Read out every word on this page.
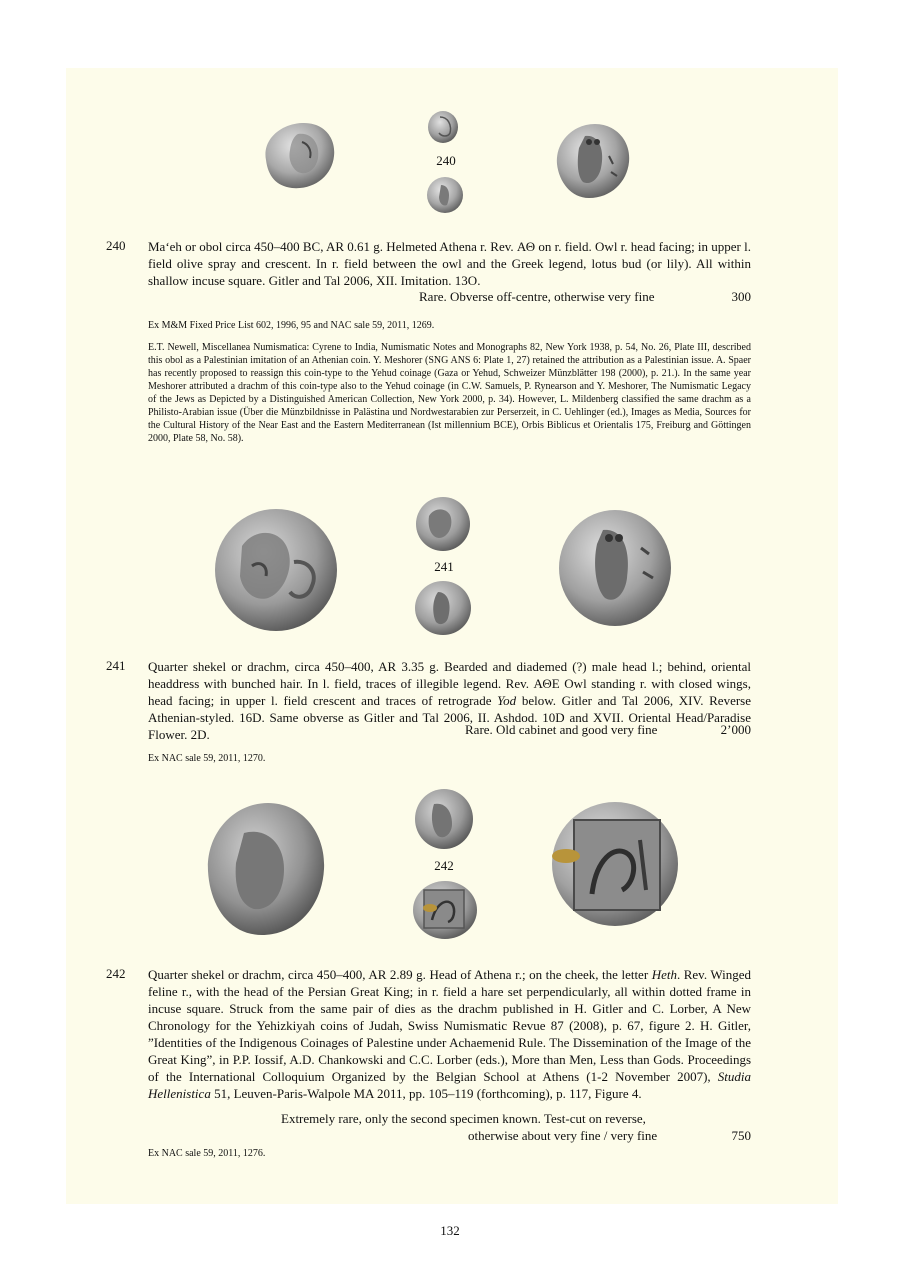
240
240 Ma‘eh or obol circa 450–400 BC, AR 0.61 g. Helmeted Athena r. Rev. ΑΘ on r. field. Owl r. head facing; in upper l. field olive spray and crescent. In r. field between the owl and the Greek legend, lotus bud (or lily). All within shallow incuse square. Gitler and Tal 2006, XII. Imitation. 13O.
Rare. Obverse off-centre, otherwise very fine	300
Ex M&M Fixed Price List 602, 1996, 95 and NAC sale 59, 2011, 1269.
E.T. Newell, Miscellanea Numismatica: Cyrene to India, Numismatic Notes and Monographs 82, New York 1938, p. 54, No. 26, Plate III, described this obol as a Palestinian imitation of an Athenian coin. Y. Meshorer (SNG ANS 6: Plate 1, 27) retained the attribution as a Palestinian issue. A. Spaer has recently proposed to reassign this coin-type to the Yehud coinage (Gaza or Yehud, Schweizer Münzblätter 198 (2000), p. 21.). In the same year Meshorer attributed a drachm of this coin-type also to the Yehud coinage (in C.W. Samuels, P. Rynearson and Y. Meshorer, The Numismatic Legacy of the Jews as Depicted by a Distinguished American Collection, New York 2000, p. 34). However, L. Mildenberg classified the same drachm as a Philisto-Arabian issue (Über die Münzbildnisse in Palästina und Nordwestarabien zur Perserzeit, in C. Uehlinger (ed.), Images as Media, Sources for the Cultural History of the Near East and the Eastern Mediterranean (Ist millennium BCE), Orbis Biblicus et Orientalis 175, Freiburg and Göttingen 2000, Plate 58, No. 58).
241
241 Quarter shekel or drachm, circa 450–400, AR 3.35 g. Bearded and diademed (?) male head l.; behind, oriental headdress with bunched hair. In l. field, traces of illegible legend. Rev. ΑΘΕ Owl standing r. with closed wings, head facing; in upper l. field crescent and traces of retrograde Yod below. Gitler and Tal 2006, XIV. Reverse Athenian-styled. 16D. Same obverse as Gitler and Tal 2006, II. Ashdod. 10D and XVII. Oriental Head/Paradise Flower. 2D.	Rare. Old cabinet and good very fine	2’000
Ex NAC sale 59, 2011, 1270.
242
242 Quarter shekel or drachm, circa 450–400, AR 2.89 g. Head of Athena r.; on the cheek, the letter Heth. Rev. Winged feline r., with the head of the Persian Great King; in r. field a hare set perpendicularly, all within dotted frame in incuse square. Struck from the same pair of dies as the drachm published in H. Gitler and C. Lorber, A New Chronology for the Yehizkiyah coins of Judah, Swiss Numismatic Revue 87 (2008), p. 67, figure 2. H. Gitler, ”Identities of the Indigenous Coinages of Palestine under Achaemenid Rule. The Dissemination of the Image of the Great King”, in P.P. Iossif, A.D. Chankowski and C.C. Lorber (eds.), More than Men, Less than Gods. Proceedings of the International Colloquium Organized by the Belgian School at Athens (1-2 November 2007), Studia Hellenistica 51, Leuven-Paris-Walpole MA 2011, pp. 105–119 (forthcoming), p. 117, Figure 4.
Extremely rare, only the second specimen known. Test-cut on reverse,
otherwise about very fine / very fine	750
Ex NAC sale 59, 2011, 1276.
132
